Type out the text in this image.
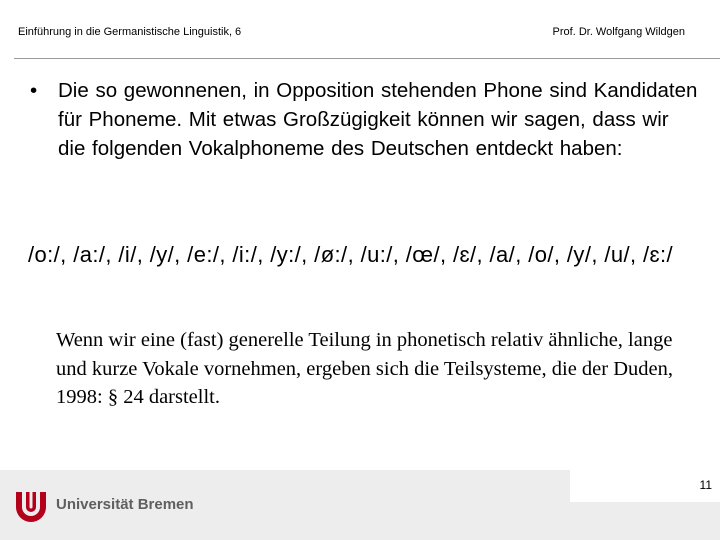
Einführung in die Germanistische Linguistik, 6	Prof. Dr. Wolfgang Wildgen
•	Die so gewonnenen, in Opposition stehenden Phone sind Kandidaten für Phoneme. Mit etwas Großzügigkeit können wir sagen, dass wir die folgenden Vokalphoneme des Deutschen entdeckt haben:
/o:/, /a:/, /i/, /y/, /e:/, /i:/, /y:/, /ø:/, /u:/, /œ/, /ɛ/, /a/, /o/, /y/, /u/, /ɛ:/
Wenn wir eine (fast) generelle Teilung in phonetisch relativ ähnliche, lange und kurze Vokale vornehmen, ergeben sich die Teilsysteme, die der Duden, 1998: § 24 darstellt.
11
Universität Bremen
